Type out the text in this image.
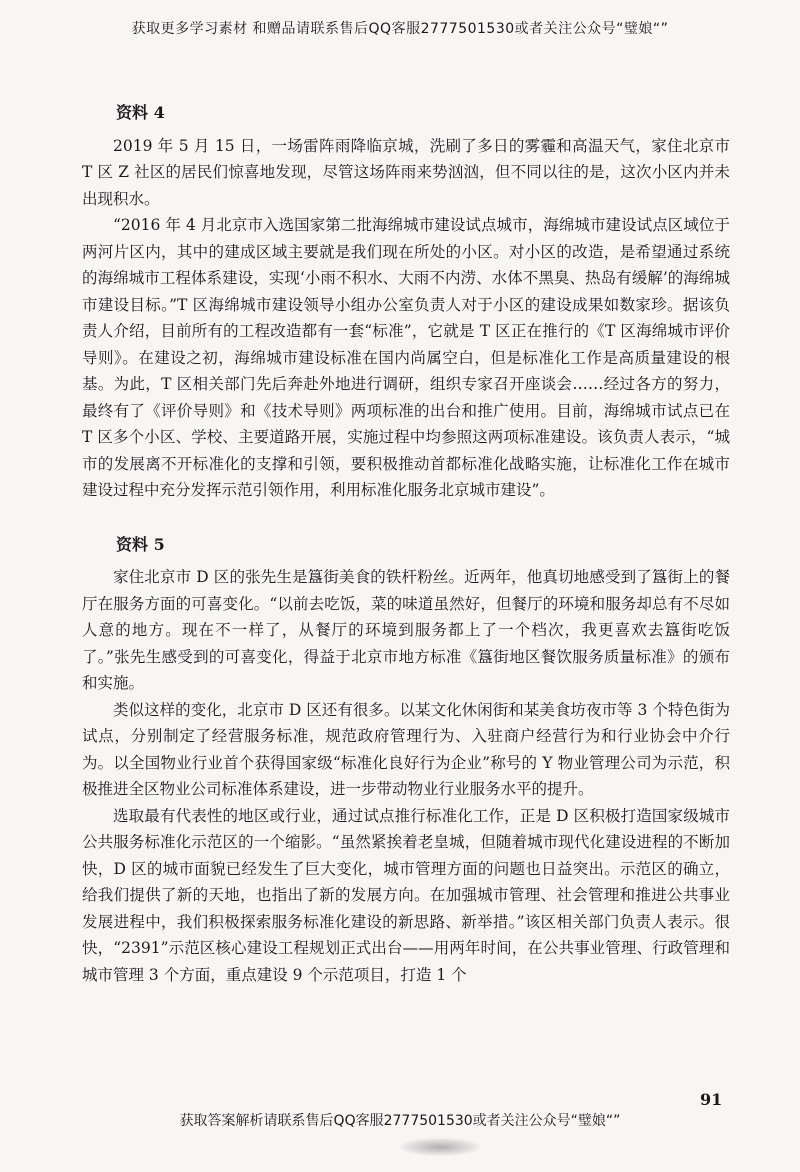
获取更多学习素材 和赠品请联系售后QQ客服2777501530或者关注公众号“璧娘“”
资料 4

2019 年 5 月 15 日，一场雷阵雨降临京城，洗刷了多日的雾霾和高温天气，家住北京市 T 区 Z 社区的居民们惊喜地发现，尽管这场阵雨来势汹汹，但不同以往的是，这次小区内并未出现积水。

“2016 年 4 月北京市入选国家第二批海绵城市建设试点城市，海绵城市建设试点区域位于两河片区内，其中的建成区域主要就是我们现在所处的小区。对小区的改造，是希望通过系统的海绵城市工程体系建设，实现‘小雨不积水、大雨不内涝、水体不黑臭、热岛有缓解’的海绵城市建设目标。”T 区海绵城市建设领导小组办公室负责人对于小区的建设成果如数家珍。据该负责人介绍，目前所有的工程改造都有一套“标准”，它就是 T 区正在推行的《T 区海绵城市评价导则》。在建设之初，海绵城市建设标准在国内尚属空白，但是标准化工作是高质量建设的根基。为此，T 区相关部门先后奔赴外地进行调研，组织专家召开座谈会……经过各方的努力，最终有了《评价导则》和《技术导则》两项标准的出台和推广使用。目前，海绵城市试点已在 T 区多个小区、学校、主要道路开展，实施过程中均参照这两项标准建设。该负责人表示，“城市的发展离不开标准化的支撑和引领，要积极推动首都标准化战略实施，让标准化工作在城市建设过程中充分发挥示范引领作用，利用标准化服务北京城市建设”。

资料 5

家住北京市 D 区的张先生是簋街美食的铁杆粉丝。近两年，他真切地感受到了簋街上的餐厅在服务方面的可喜变化。“以前去吃饭，菜的味道虽然好，但餐厅的环境和服务却总有不尽如人意的地方。现在不一样了，从餐厅的环境到服务都上了一个档次，我更喜欢去簋街吃饭了。”张先生感受到的可喜变化，得益于北京市地方标准《簋街地区餐饮服务质量标准》的颁布和实施。

类似这样的变化，北京市 D 区还有很多。以某文化休闲街和某美食坊夜市等 3 个特色街为试点，分别制定了经营服务标准，规范政府管理行为、入驻商户经营行为和行业协会中介行为。以全国物业行业首个获得国家级“标准化良好行为企业”称号的 Y 物业管理公司为示范，积极推进全区物业公司标准体系建设，进一步带动物业行业服务水平的提升。

选取最有代表性的地区或行业，通过试点推行标准化工作，正是 D 区积极打造国家级城市公共服务标准化示范区的一个缩影。“虽然紧挨着老皇城，但随着城市现代化建设进程的不断加快，D 区的城市面貌已经发生了巨大变化，城市管理方面的问题也日益突出。示范区的确立，给我们提供了新的天地，也指出了新的发展方向。在加强城市管理、社会管理和推进公共事业发展进程中，我们积极探索服务标准化建设的新思路、新举措。”该区相关部门负责人表示。很快，“2391”示范区核心建设工程规划正式出台——用两年时间，在公共事业管理、行政管理和城市管理 3 个方面，重点建设 9 个示范项目，打造 1 个

91
获取答案解析请联系售后QQ客服2777501530或者关注公众号“璧娘“”
